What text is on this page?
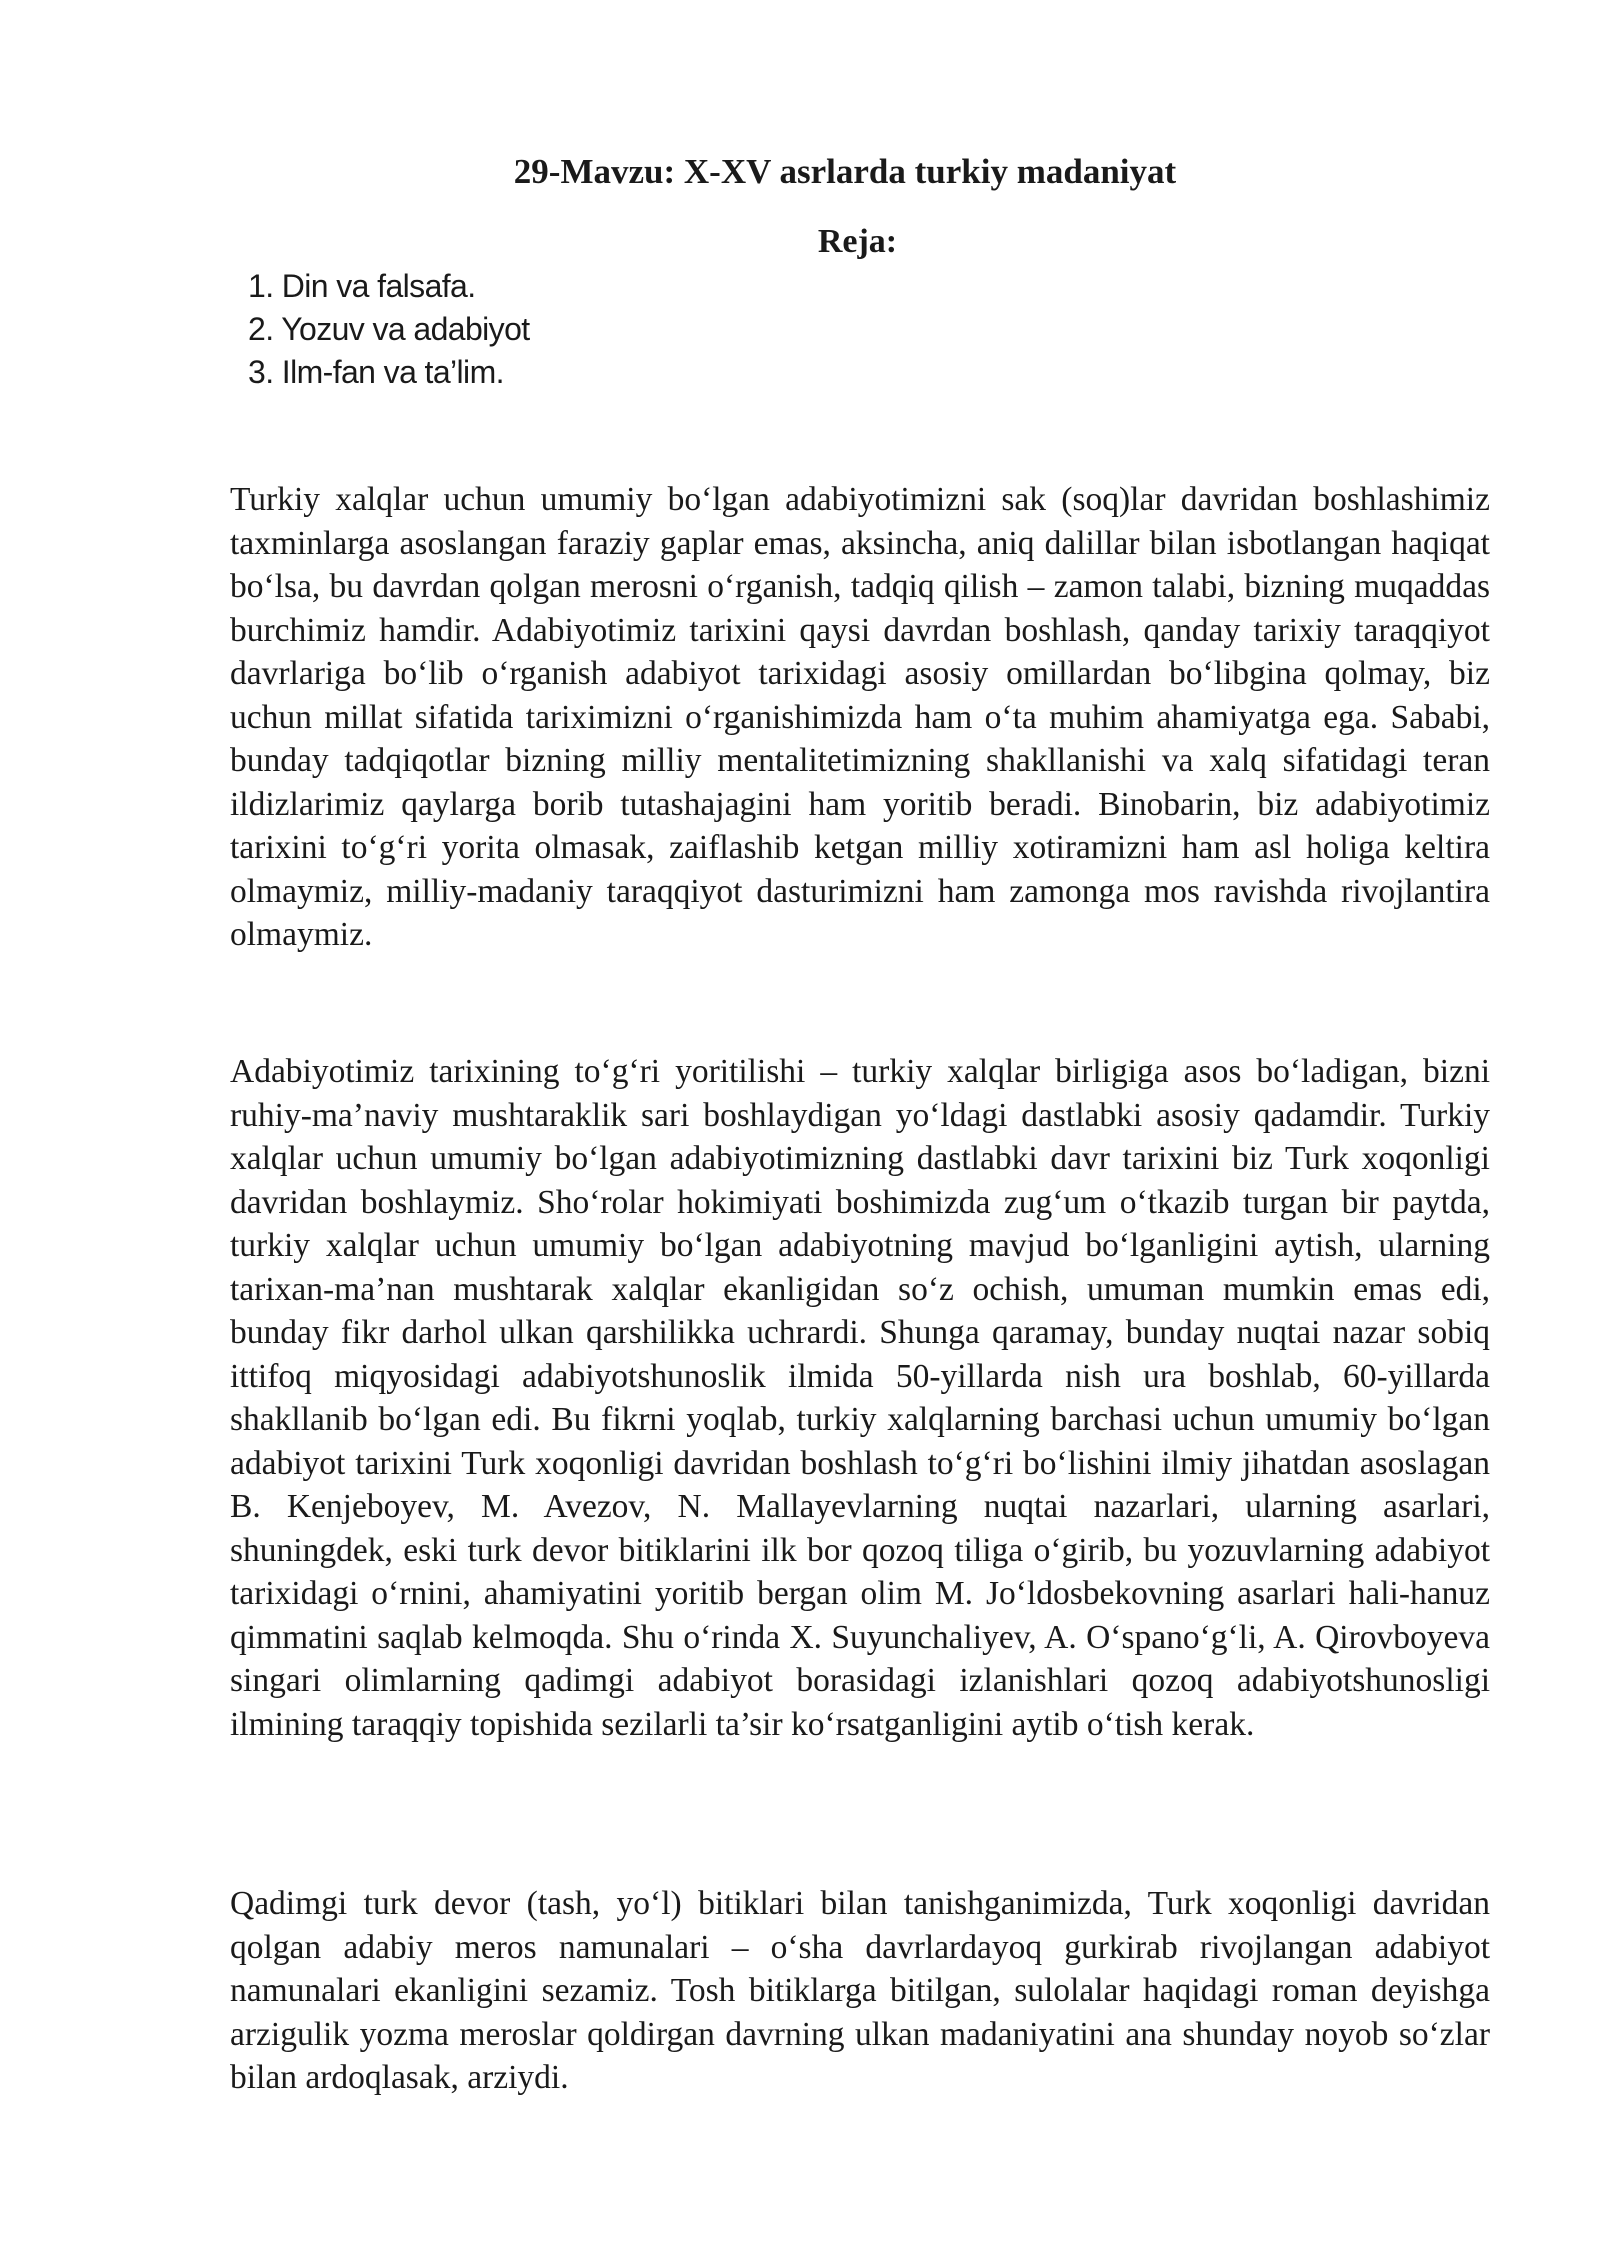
29-Mavzu: X-XV asrlarda turkiy madaniyat
Reja:
1. Din va falsafa.
2. Yozuv va adabiyot
3. Ilm-fan va ta’lim.

Turkiy xalqlar uchun umumiy bo‘lgan adabiyotimizni sak (soq)lar davridan boshlashimiz taxminlarga asoslangan faraziy gaplar emas, aksincha, aniq dalillar bilan isbotlangan haqiqat bo‘lsa, bu davrdan qolgan merosni o‘rganish, tadqiq qilish – zamon talabi, bizning muqaddas burchimiz hamdir. Adabiyotimiz tarixini qaysi davrdan boshlash, qanday tarixiy taraqqiyot davrlariga bo‘lib o‘rganish adabiyot tarixidagi asosiy omillardan bo‘libgina qolmay, biz uchun millat sifatida tariximizni o‘rganishimizda ham o‘ta muhim ahamiyatga ega. Sababi, bunday tadqiqotlar bizning milliy mentalitetimizning shakllanishi va xalq sifatidagi teran ildizlarimiz qaylarga borib tutashajagini ham yoritib beradi. Binobarin, biz adabiyotimiz tarixini to‘g‘ri yorita olmasak, zaiflashib ketgan milliy xotiramizni ham asl holiga keltira olmaymiz, milliy-madaniy taraqqiyot dasturimizni ham zamonga mos ravishda rivojlantira olmaymiz.

Adabiyotimiz tarixining to‘g‘ri yoritilishi – turkiy xalqlar birligiga asos bo‘ladigan, bizni ruhiy-ma’naviy mushtaraklik sari boshlaydigan yo‘ldagi dastlabki asosiy qadamdir. Turkiy xalqlar uchun umumiy bo‘lgan adabiyotimizning dastlabki davr tarixini biz Turk xoqonligi davridan boshlaymiz. Sho‘rolar hokimiyati boshimizda zug‘um o‘tkazib turgan bir paytda, turkiy xalqlar uchun umumiy bo‘lgan adabiyotning mavjud bo‘lganligini aytish, ularning tarixan-ma’nan mushtarak xalqlar ekanligidan so‘z ochish, umuman mumkin emas edi, bunday fikr darhol ulkan qarshilikka uchrardi. Shunga qaramay, bunday nuqtai nazar sobiq ittifoq miqyosidagi adabiyotshunoslik ilmida 50-yillarda nish ura boshlab, 60-yillarda shakllanib bo‘lgan edi. Bu fikrni yoqlab, turkiy xalqlarning barchasi uchun umumiy bo‘lgan adabiyot tarixini Turk xoqonligi davridan boshlash to‘g‘ri bo‘lishini ilmiy jihatdan asoslagan B. Kenjeboyev, M. Avezov, N. Mallayevlarning nuqtai nazarlari, ularning asarlari, shuningdek, eski turk devor bitiklarini ilk bor qozoq tiliga o‘girib, bu yozuvlarning adabiyot tarixidagi o‘rnini, ahamiyatini yoritib bergan olim M. Jo‘ldosbekovning asarlari hali-hanuz qimmatini saqlab kelmoqda. Shu o‘rinda X. Suyunchaliyev, A. O‘spano‘g‘li, A. Qirovboyeva singari olimlarning qadimgi adabiyot borasidagi izlanishlari qozoq adabiyotshunosligi ilmining taraqqiy topishida sezilarli ta’sir ko‘rsatganligini aytib o‘tish kerak.

Qadimgi turk devor (tash, yo‘l) bitiklari bilan tanishganimizda, Turk xoqonligi davridan qolgan adabiy meros namunalari – o‘sha davrlardayoq gurkirab rivojlangan adabiyot namunalari ekanligini sezamiz. Tosh bitiklarga bitilgan, sulolalar haqidagi roman deyishga arzigulik yozma meroslar qoldirgan davrning ulkan madaniyatini ana shunday noyob so‘zlar bilan ardoqlasak, arziydi.
